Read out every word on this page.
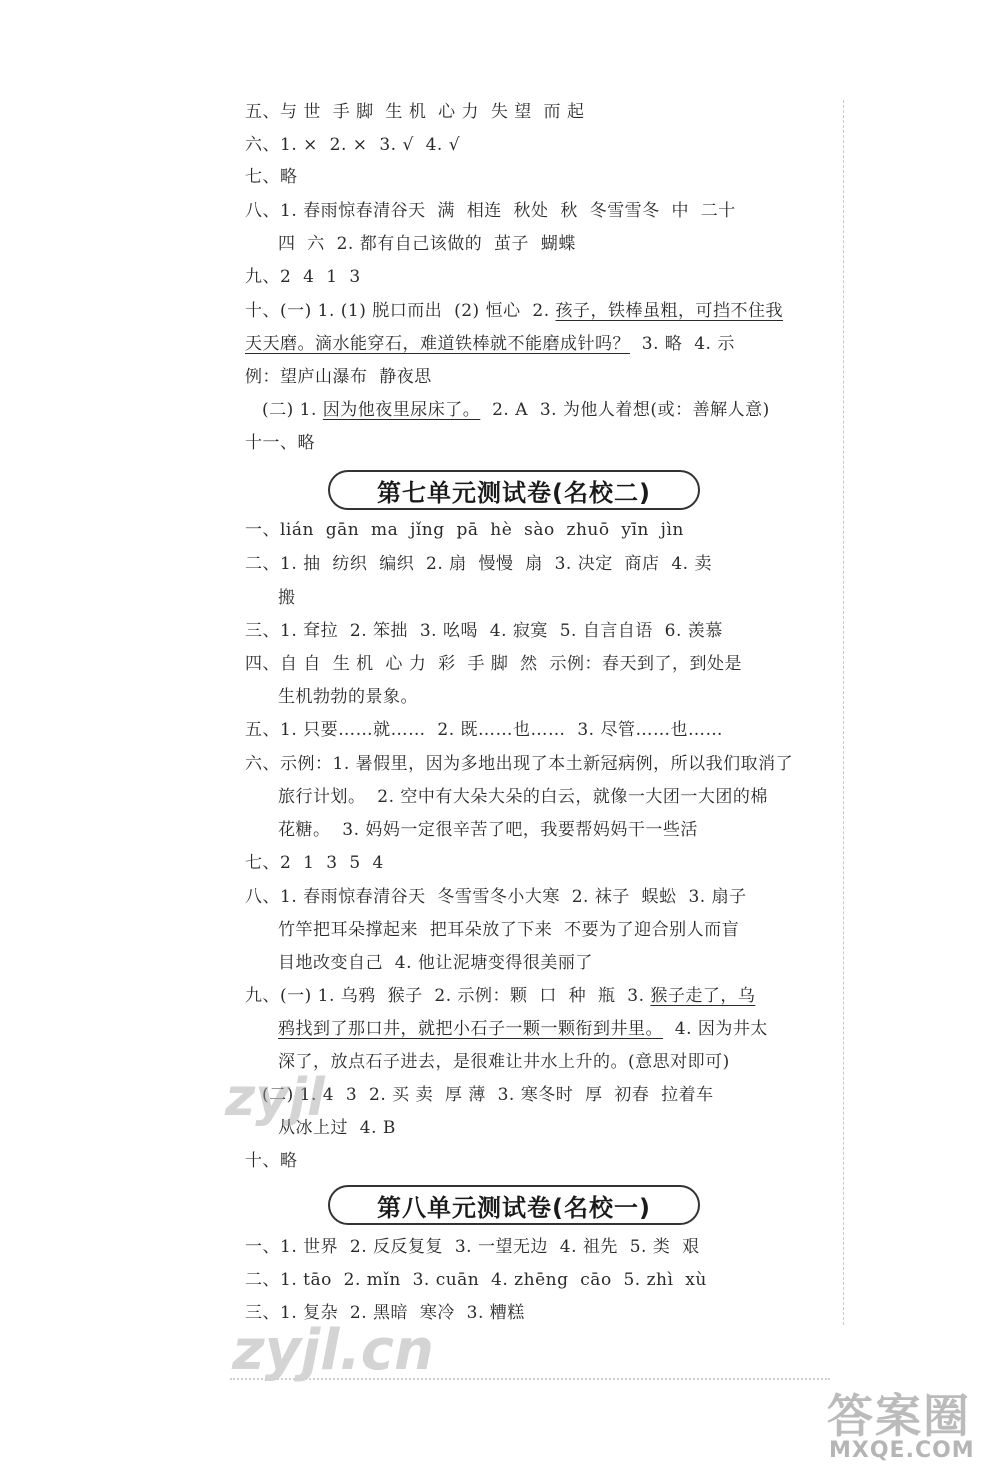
五、与 世  手 脚  生 机  心 力  失 望  而 起
六、1. ×  2. ×  3. √  4. √
七、略
八、1. 春雨惊春清谷天  满  相连  秋处  秋  冬雪雪冬  中  二十
四  六  2. 都有自己该做的  茧子  蝴蝶
九、2  4  1  3
十、(一) 1. (1) 脱口而出  (2) 恒心  2. 孩子，铁棒虽粗，可挡不住我
天天磨。滴水能穿石，难道铁棒就不能磨成针吗？  3. 略  4. 示
例：望庐山瀑布  静夜思
(二) 1. 因为他夜里尿床了。  2. A  3. 为他人着想(或：善解人意)
十一、略
第七单元测试卷(名校二)
一、lián  gān  ma  jǐng  pā  hè  sào  zhuō  yīn  jìn
二、1. 抽  纺织  编织  2. 扇  慢慢  扇  3. 决定  商店  4. 卖
搬
三、1. 耷拉  2. 笨拙  3. 吆喝  4. 寂寞  5. 自言自语  6. 羡慕
四、自 自  生 机  心 力  彩  手 脚  然  示例：春天到了，到处是
生机勃勃的景象。
五、1. 只要……就……  2. 既……也……  3. 尽管……也……
六、示例：1. 暑假里，因为多地出现了本土新冠病例，所以我们取消了
旅行计划。  2. 空中有大朵大朵的白云，就像一大团一大团的棉
花糖。  3. 妈妈一定很辛苦了吧，我要帮妈妈干一些活
七、2  1  3  5  4
八、1. 春雨惊春清谷天  冬雪雪冬小大寒  2. 袜子  蜈蚣  3. 扇子
竹竿把耳朵撑起来  把耳朵放了下来  不要为了迎合别人而盲
目地改变自己  4. 他让泥塘变得很美丽了
九、(一) 1. 乌鸦  猴子  2. 示例：颗  口  种  瓶  3. 猴子走了，乌
鸦找到了那口井，就把小石子一颗一颗衔到井里。  4. 因为井太
深了，放点石子进去，是很难让井水上升的。(意思对即可)
(二) 1. 4  3  2. 买 卖  厚 薄  3. 寒冬时  厚  初春  拉着车
从冰上过  4. B
十、略
第八单元测试卷(名校一)
一、1. 世界  2. 反反复复  3. 一望无边  4. 祖先  5. 类  艰
二、1. tāo  2. mǐn  3. cuān  4. zhēng  cāo  5. zhì  xù
三、1. 复杂  2. 黑暗  寒冷  3. 糟糕
zyjl
zyjl.cn
答案圈
MXQE.COM
